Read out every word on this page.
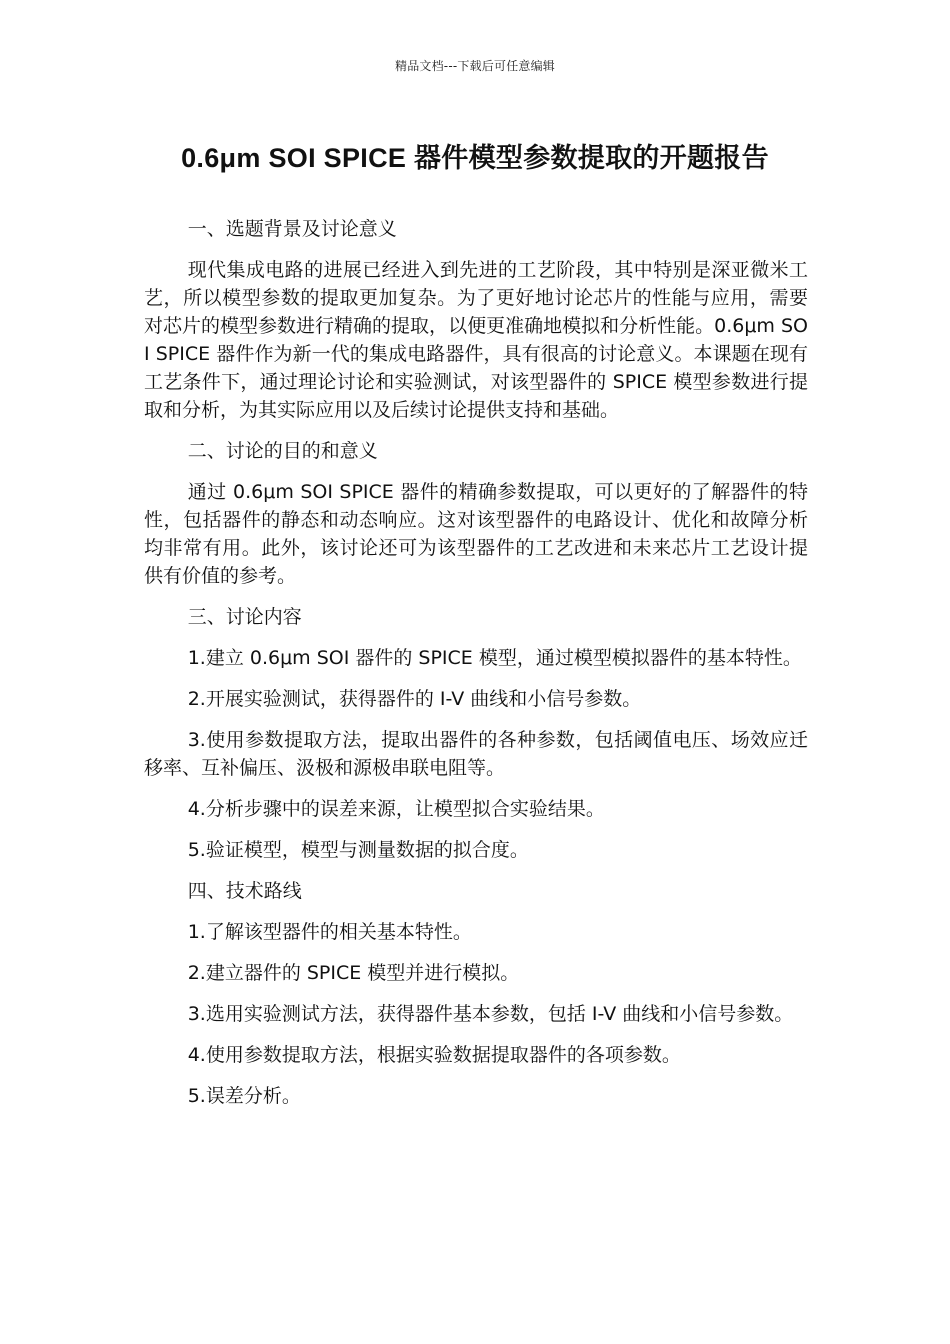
精品文档---下载后可任意编辑
0.6μm SOI SPICE 器件模型参数提取的开题报告

一、选题背景及讨论意义

现代集成电路的进展已经进入到先进的工艺阶段，其中特别是深亚微米工艺，所以模型参数的提取更加复杂。为了更好地讨论芯片的性能与应用，需要对芯片的模型参数进行精确的提取，以便更准确地模拟和分析性能。0.6μm SOI SPICE 器件作为新一代的集成电路器件，具有很高的讨论意义。本课题在现有工艺条件下，通过理论讨论和实验测试，对该型器件的 SPICE 模型参数进行提取和分析，为其实际应用以及后续讨论提供支持和基础。

二、讨论的目的和意义

通过 0.6μm SOI SPICE 器件的精确参数提取，可以更好的了解器件的特性，包括器件的静态和动态响应。这对该型器件的电路设计、优化和故障分析均非常有用。此外，该讨论还可为该型器件的工艺改进和未来芯片工艺设计提供有价值的参考。

三、讨论内容

1.建立 0.6μm SOI 器件的 SPICE 模型，通过模型模拟器件的基本特性。

2.开展实验测试，获得器件的 I-V 曲线和小信号参数。

3.使用参数提取方法，提取出器件的各种参数，包括阈值电压、场效应迁移率、互补偏压、汲极和源极串联电阻等。

4.分析步骤中的误差来源，让模型拟合实验结果。

5.验证模型，模型与测量数据的拟合度。

四、技术路线

1.了解该型器件的相关基本特性。

2.建立器件的 SPICE 模型并进行模拟。

3.选用实验测试方法，获得器件基本参数，包括 I-V 曲线和小信号参数。

4.使用参数提取方法，根据实验数据提取器件的各项参数。

5.误差分析。
